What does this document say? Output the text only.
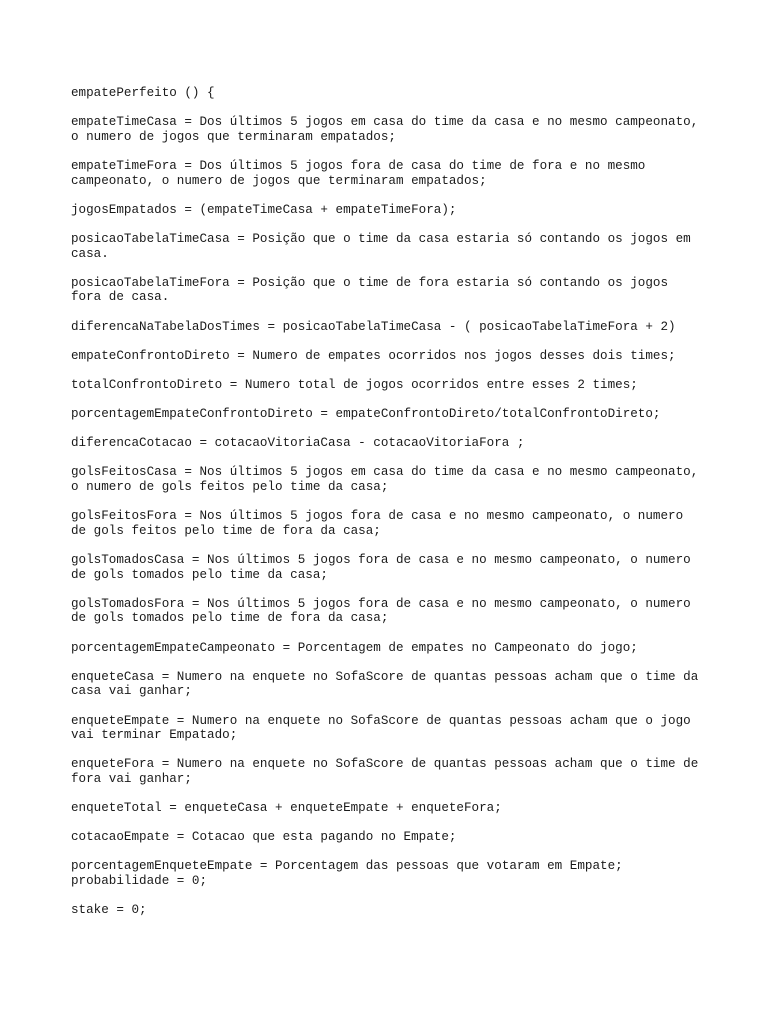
empatePerfeito () {
empateTimeCasa = Dos últimos 5 jogos em casa do time da casa e no mesmo campeonato,
o numero de jogos que terminaram empatados;
empateTimeFora = Dos últimos 5 jogos fora de casa do time de fora e no mesmo
campeonato, o numero de jogos que terminaram empatados;
jogosEmpatados = (empateTimeCasa + empateTimeFora);
posicaoTabelaTimeCasa = Posição que o time da casa estaria só contando os jogos em
casa.
posicaoTabelaTimeFora = Posição que o time de fora estaria só contando os jogos
fora de casa.
diferencaNaTabelaDosTimes = posicaoTabelaTimeCasa - ( posicaoTabelaTimeFora + 2)
empateConfrontoDireto = Numero de empates ocorridos nos jogos desses dois times;
totalConfrontoDireto = Numero total de jogos ocorridos entre esses 2 times;
porcentagemEmpateConfrontoDireto = empateConfrontoDireto/totalConfrontoDireto;
diferencaCotacao = cotacaoVitoriaCasa - cotacaoVitoriaFora ;
golsFeitosCasa = Nos últimos 5 jogos em casa do time da casa e no mesmo campeonato,
o numero de gols feitos pelo time da casa;
golsFeitosFora = Nos últimos 5 jogos fora de casa e no mesmo campeonato, o numero
de gols feitos pelo time de fora da casa;
golsTomadosCasa = Nos últimos 5 jogos fora de casa e no mesmo campeonato, o numero
de gols tomados pelo time da casa;
golsTomadosFora = Nos últimos 5 jogos fora de casa e no mesmo campeonato, o numero
de gols tomados pelo time de fora da casa;
porcentagemEmpateCampeonato = Porcentagem de empates no Campeonato do jogo;
enqueteCasa = Numero na enquete no SofaScore de quantas pessoas acham que o time da
casa vai ganhar;
enqueteEmpate = Numero na enquete no SofaScore de quantas pessoas acham que o jogo
vai terminar Empatado;
enqueteFora = Numero na enquete no SofaScore de quantas pessoas acham que o time de
fora vai ganhar;
enqueteTotal = enqueteCasa + enqueteEmpate + enqueteFora;
cotacaoEmpate = Cotacao que esta pagando no Empate;
porcentagemEnqueteEmpate = Porcentagem das pessoas que votaram em Empate;
probabilidade = 0;
stake = 0;
